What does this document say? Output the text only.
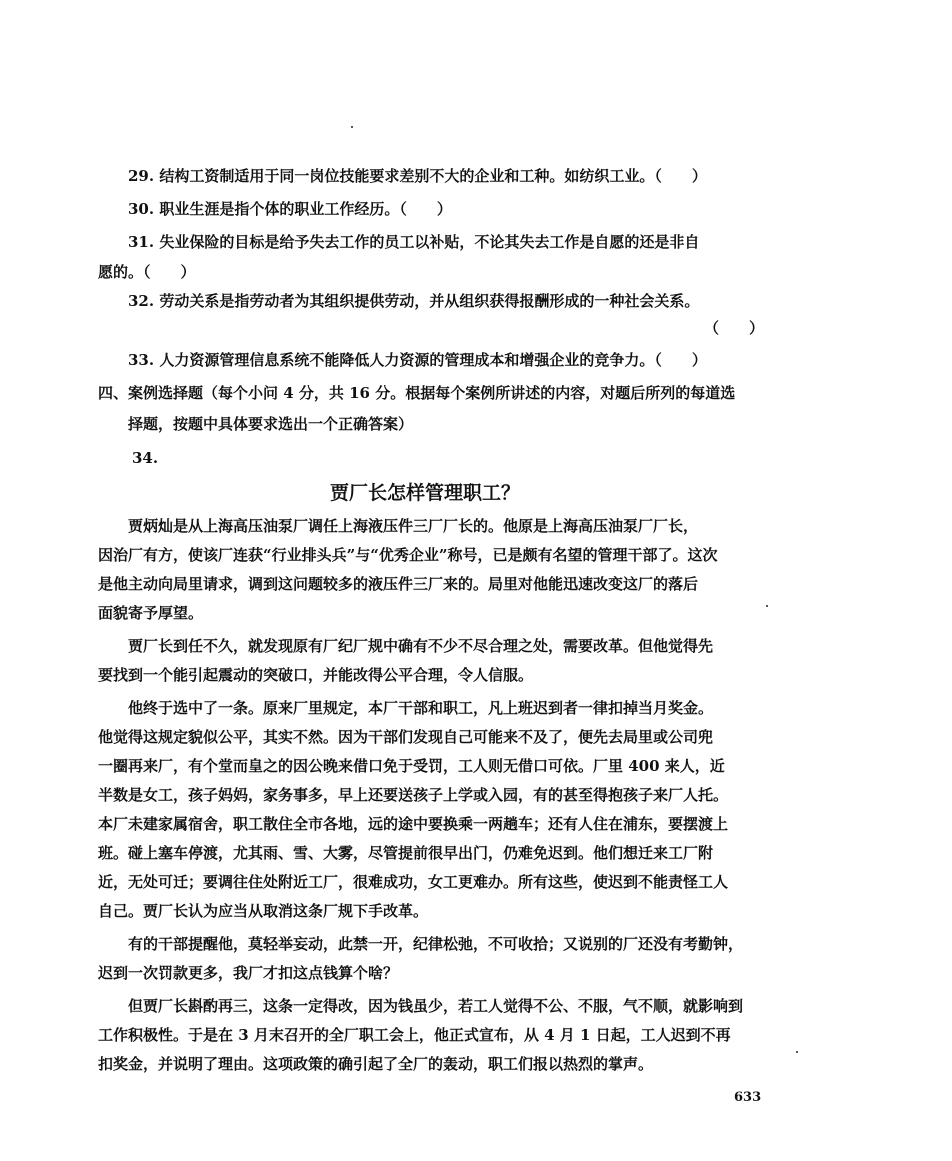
29. 结构工资制适用于同一岗位技能要求差别不大的企业和工种。如纺织工业。（　　）
30. 职业生涯是指个体的职业工作经历。（　　）
31. 失业保险的目标是给予失去工作的员工以补贴，不论其失去工作是自愿的还是非自
愿的。（　　）
32. 劳动关系是指劳动者为其组织提供劳动，并从组织获得报酬形成的一种社会关系。
（　　）
33. 人力资源管理信息系统不能降低人力资源的管理成本和增强企业的竞争力。（　　）
四、案例选择题（每个小问 4 分，共 16 分。根据每个案例所讲述的内容，对题后所列的每道选
择题，按题中具体要求选出一个正确答案）
34.
贾厂长怎样管理职工？
贾炳灿是从上海高压油泵厂调任上海液压件三厂厂长的。他原是上海高压油泵厂厂长，
因治厂有方，使该厂连获“行业排头兵”与“优秀企业”称号，已是颇有名望的管理干部了。这次
是他主动向局里请求，调到这问题较多的液压件三厂来的。局里对他能迅速改变这厂的落后
面貌寄予厚望。
贾厂长到任不久，就发现原有厂纪厂规中确有不少不尽合理之处，需要改革。但他觉得先
要找到一个能引起震动的突破口，并能改得公平合理，令人信服。
他终于选中了一条。原来厂里规定，本厂干部和职工，凡上班迟到者一律扣掉当月奖金。
他觉得这规定貌似公平，其实不然。因为干部们发现自己可能来不及了，便先去局里或公司兜
一圈再来厂，有个堂而皇之的因公晚来借口免于受罚，工人则无借口可依。厂里 400 来人，近
半数是女工，孩子妈妈，家务事多，早上还要送孩子上学或入园，有的甚至得抱孩子来厂人托。
本厂未建家属宿舍，职工散住全市各地，远的途中要换乘一两趟车；还有人住在浦东，要摆渡上
班。碰上塞车停渡，尤其雨、雪、大雾，尽管提前很早出门，仍难免迟到。他们想迁来工厂附
近，无处可迁；要调往住处附近工厂，很难成功，女工更难办。所有这些，使迟到不能责怪工人
自己。贾厂长认为应当从取消这条厂规下手改革。
有的干部提醒他，莫轻举妄动，此禁一开，纪律松弛，不可收拾；又说别的厂还没有考勤钟，
迟到一次罚款更多，我厂才扣这点钱算个啥？
但贾厂长斟酌再三，这条一定得改，因为钱虽少，若工人觉得不公、不服，气不顺，就影响到
工作积极性。于是在 3 月末召开的全厂职工会上，他正式宣布，从 4 月 1 日起，工人迟到不再
扣奖金，并说明了理由。这项政策的确引起了全厂的轰动，职工们报以热烈的掌声。
633
